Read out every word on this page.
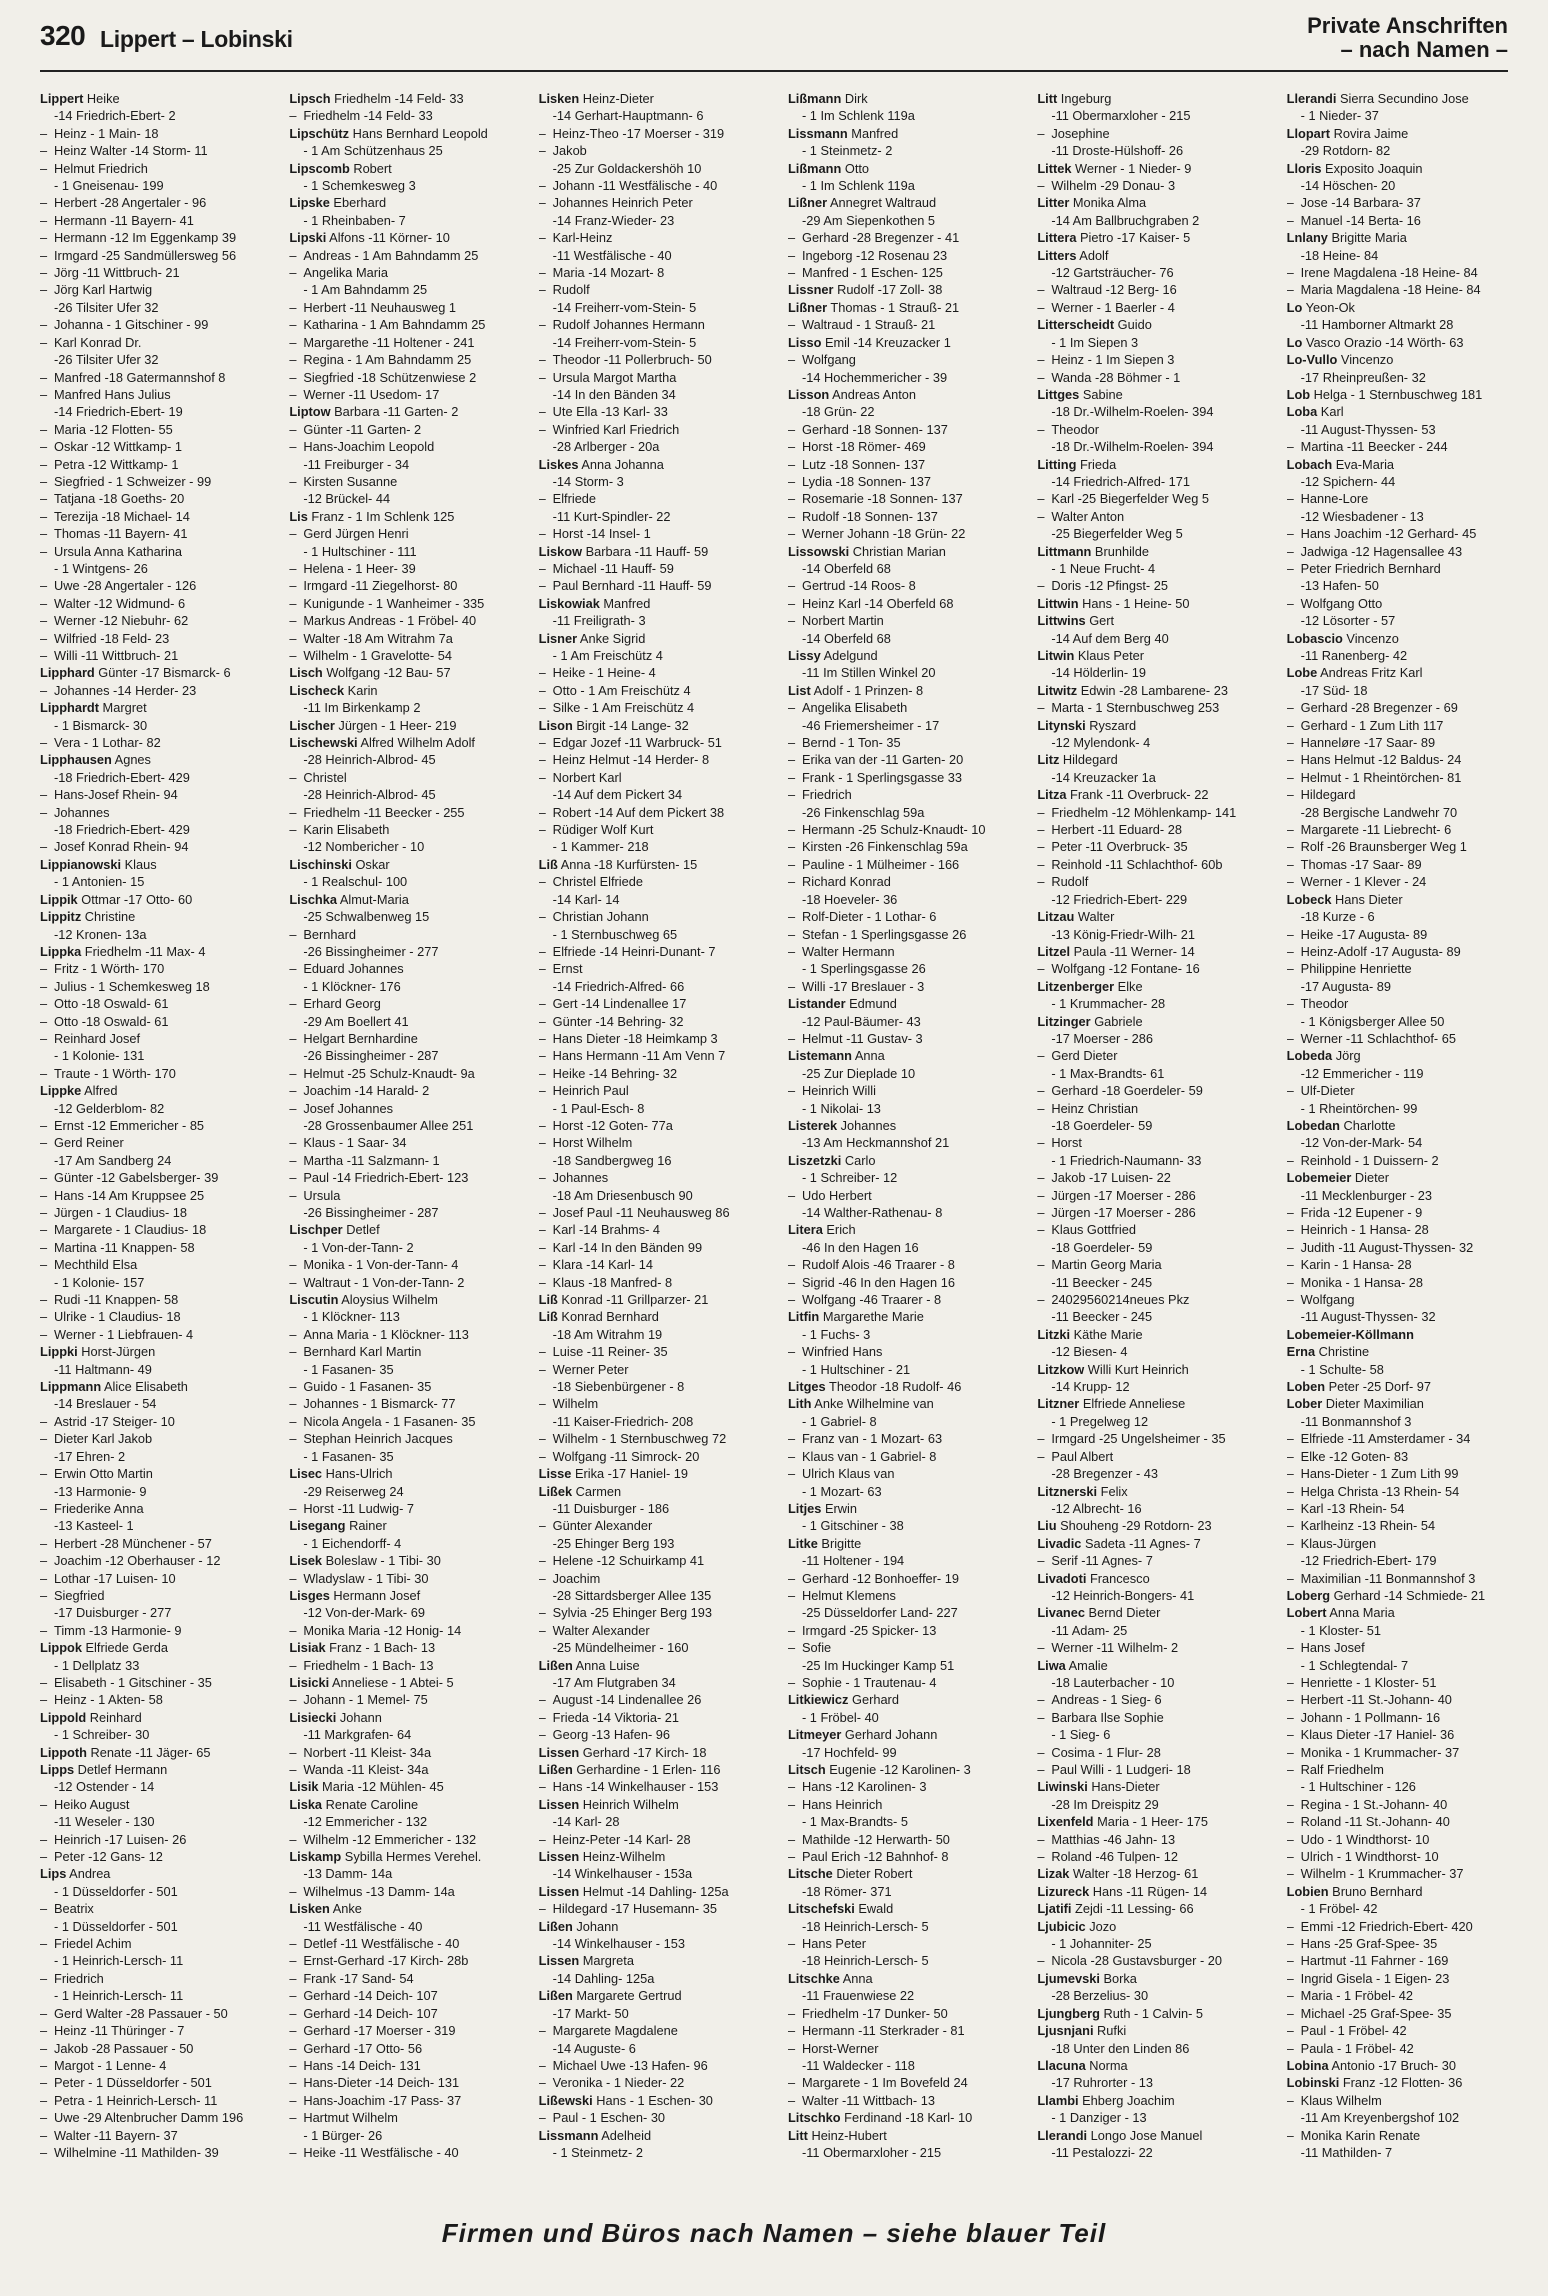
320 Lippert – Lobinski
Private Anschriften
– nach Namen –
Lippert Heike
-14 Friedrich-Ebert- 2
– Heinz - 1 Main- 18
– Heinz Walter -14 Storm- 11
– Helmut Friedrich
- 1 Gneisenau- 199
– Herbert -28 Angertaler - 96
– Hermann -11 Bayern- 41
– Hermann -12 Im Eggenkamp 39
– Irmgard -25 Sandmüllersweg 56
– Jörg -11 Wittbruch- 21
– Jörg Karl Hartwig
-26 Tilsiter Ufer 32
– Johanna - 1 Gitschiner - 99
– Karl Konrad Dr.
-26 Tilsiter Ufer 32
– Manfred -18 Gatermannshof 8
– Manfred Hans Julius
-14 Friedrich-Ebert- 19
– Maria -12 Flotten- 55
– Oskar -12 Wittkamp- 1
– Petra -12 Wittkamp- 1
– Siegfried - 1 Schweizer - 99
– Tatjana -18 Goeths- 20
– Terezija -18 Michael- 14
– Thomas -11 Bayern- 41
– Ursula Anna Katharina
- 1 Wintgens- 26
– Uwe -28 Angertaler - 126
– Walter -12 Widmund- 6
– Werner -12 Niebuhr- 62
– Wilfried -18 Feld- 23
– Willi -11 Wittbruch- 21
Lipphard Günter -17 Bismarck- 6
– Johannes -14 Herder- 23
Lipphardt Margret
- 1 Bismarck- 30
– Vera - 1 Lothar- 82
Lipphausen Agnes
-18 Friedrich-Ebert- 429
– Hans-Josef Rhein- 94
– Johannes
-18 Friedrich-Ebert- 429
– Josef Konrad Rhein- 94
Lippianowski Klaus
- 1 Antonien- 15
Lippik Ottmar -17 Otto- 60
Lippitz Christine
-12 Kronen- 13a
Lippka Friedhelm -11 Max- 4
– Fritz - 1 Wörth- 170
– Julius - 1 Schemkesweg 18
– Otto -18 Oswald- 61
– Otto -18 Oswald- 61
– Reinhard Josef
- 1 Kolonie- 131
– Traute - 1 Wörth- 170
Lippke Alfred
-12 Gelderblom- 82
– Ernst -12 Emmericher - 85
– Gerd Reiner
-17 Am Sandberg 24
– Günter -12 Gabelsberger- 39
– Hans -14 Am Kruppsee 25
– Jürgen - 1 Claudius- 18
– Margarete - 1 Claudius- 18
– Martina -11 Knappen- 58
– Mechthild Elsa
- 1 Kolonie- 157
– Rudi -11 Knappen- 58
– Ulrike - 1 Claudius- 18
– Werner - 1 Liebfrauen- 4
Lippki Horst-Jürgen
-11 Haltmann- 49
Lippmann Alice Elisabeth
-14 Breslauer - 54
– Astrid -17 Steiger- 10
– Dieter Karl Jakob
-17 Ehren- 2
– Erwin Otto Martin
-13 Harmonie- 9
– Friederike Anna
-13 Kasteel- 1
– Herbert -28 Münchener - 57
– Joachim -12 Oberhauser - 12
– Lothar -17 Luisen- 10
– Siegfried
-17 Duisburger - 277
– Timm -13 Harmonie- 9
Lippok Elfriede Gerda
- 1 Dellplatz 33
– Elisabeth - 1 Gitschiner - 35
– Heinz - 1 Akten- 58
Lippold Reinhard
- 1 Schreiber- 30
Lippoth Renate -11 Jäger- 65
Lipps Detlef Hermann
-12 Ostender - 14
– Heiko August
-11 Weseler - 130
– Heinrich -17 Luisen- 26
– Peter -12 Gans- 12
Lips Andrea
- 1 Düsseldorfer - 501
– Beatrix
- 1 Düsseldorfer - 501
– Friedel Achim
- 1 Heinrich-Lersch- 11
– Friedrich
- 1 Heinrich-Lersch- 11
– Gerd Walter -28 Passauer - 50
– Heinz -11 Thüringer - 7
– Jakob -28 Passauer - 50
– Margot - 1 Lenne- 4
– Peter - 1 Düsseldorfer - 501
– Petra - 1 Heinrich-Lersch- 11
– Uwe -29 Altenbrucher Damm 196
– Walter -11 Bayern- 37
– Wilhelmine -11 Mathilden- 39
Lipsch Friedhelm -14 Feld- 33
– Friedhelm -14 Feld- 33
Lipschütz Hans Bernhard Leopold
- 1 Am Schützenhaus 25
Lipscomb Robert
- 1 Schemkesweg 3
Lipske Eberhard
- 1 Rheinbaben- 7
Lipski Alfons -11 Körner- 10
– Andreas - 1 Am Bahndamm 25
– Angelika Maria
- 1 Am Bahndamm 25
– Herbert -11 Neuhausweg 1
– Katharina - 1 Am Bahndamm 25
– Margarethe -11 Holtener - 241
– Regina - 1 Am Bahndamm 25
– Siegfried -18 Schützenwiese 2
– Werner -11 Usedom- 17
Liptow Barbara -11 Garten- 2
– Günter -11 Garten- 2
– Hans-Joachim Leopold
-11 Freiburger - 34
– Kirsten Susanne
-12 Brückel- 44
Lis Franz - 1 Im Schlenk 125
– Gerd Jürgen Henri
- 1 Hultschiner - 111
– Helena - 1 Heer- 39
– Irmgard -11 Ziegelhorst- 80
– Kunigunde - 1 Wanheimer - 335
– Markus Andreas - 1 Fröbel- 40
– Walter -18 Am Witrahm 7a
– Wilhelm - 1 Gravelotte- 54
Lisch Wolfgang -12 Bau- 57
Lischeck Karin
-11 Im Birkenkamp 2
Lischer Jürgen - 1 Heer- 219
Lischewski Alfred Wilhelm Adolf
-28 Heinrich-Albrod- 45
– Christel
-28 Heinrich-Albrod- 45
– Friedhelm -11 Beecker - 255
– Karin Elisabeth
-12 Nombericher - 10
Lischinski Oskar
- 1 Realschul- 100
Lischka Almut-Maria
-25 Schwalbenweg 15
– Bernhard
-26 Bissingheimer - 277
– Eduard Johannes
- 1 Klöckner- 176
– Erhard Georg
-29 Am Boellert 41
– Helgart Bernhardine
-26 Bissingheimer - 287
– Helmut -25 Schulz-Knaudt- 9a
– Joachim -14 Harald- 2
– Josef Johannes
-28 Grossenbaumer Allee 251
– Klaus - 1 Saar- 34
– Martha -11 Salzmann- 1
– Paul -14 Friedrich-Ebert- 123
– Ursula
-26 Bissingheimer - 287
Lischper Detlef
- 1 Von-der-Tann- 2
– Monika - 1 Von-der-Tann- 4
– Waltraut - 1 Von-der-Tann- 2
Liscutin Aloysius Wilhelm
- 1 Klöckner- 113
– Anna Maria - 1 Klöckner- 113
– Bernhard Karl Martin
- 1 Fasanen- 35
– Guido - 1 Fasanen- 35
– Johannes - 1 Bismarck- 77
– Nicola Angela - 1 Fasanen- 35
– Stephan Heinrich Jacques
- 1 Fasanen- 35
Lisec Hans-Ulrich
-29 Reiserweg 24
– Horst -11 Ludwig- 7
Lisegang Rainer
- 1 Eichendorff- 4
Lisek Boleslaw - 1 Tibi- 30
– Wladyslaw - 1 Tibi- 30
Lisges Hermann Josef
-12 Von-der-Mark- 69
– Monika Maria -12 Honig- 14
Lisiak Franz - 1 Bach- 13
– Friedhelm - 1 Bach- 13
Lisicki Anneliese - 1 Abtei- 5
– Johann - 1 Memel- 75
Lisiecki Johann
-11 Markgrafen- 64
– Norbert -11 Kleist- 34a
– Wanda -11 Kleist- 34a
Lisik Maria -12 Mühlen- 45
Liska Renate Caroline
-12 Emmericher - 132
– Wilhelm -12 Emmericher - 132
Liskamp Sybilla Hermes Verehel.
-13 Damm- 14a
– Wilhelmus -13 Damm- 14a
Lisken Anke
-11 Westfälische - 40
– Detlef -11 Westfälische - 40
– Ernst-Gerhard -17 Kirch- 28b
– Frank -17 Sand- 54
– Gerhard -14 Deich- 107
– Gerhard -14 Deich- 107
– Gerhard -17 Moerser - 319
– Gerhard -17 Otto- 56
– Hans -14 Deich- 131
– Hans-Dieter -14 Deich- 131
– Hans-Joachim -17 Pass- 37
– Hartmut Wilhelm
- 1 Bürger- 26
– Heike -11 Westfälische - 40
Lisken Heinz-Dieter
-14 Gerhart-Hauptmann- 6
– Heinz-Theo -17 Moerser - 319
– Jakob
-25 Zur Goldackershöh 10
– Johann -11 Westfälische - 40
– Johannes Heinrich Peter
-14 Franz-Wieder- 23
– Karl-Heinz
-11 Westfälische - 40
– Maria -14 Mozart- 8
– Rudolf
-14 Freiherr-vom-Stein- 5
– Rudolf Johannes Hermann
-14 Freiherr-vom-Stein- 5
– Theodor -11 Pollerbruch- 50
– Ursula Margot Martha
-14 In den Bänden 34
– Ute Ella -13 Karl- 33
– Winfried Karl Friedrich
-28 Arlberger - 20a
Liskes Anna Johanna
-14 Storm- 3
– Elfriede
-11 Kurt-Spindler- 22
– Horst -14 Insel- 1
Liskow Barbara -11 Hauff- 59
– Michael -11 Hauff- 59
– Paul Bernhard -11 Hauff- 59
Liskowiak Manfred
-11 Freiligrath- 3
Lisner Anke Sigrid
- 1 Am Freischütz 4
– Heike - 1 Heine- 4
– Otto - 1 Am Freischütz 4
– Silke - 1 Am Freischütz 4
Lison Birgit -14 Lange- 32
– Edgar Jozef -11 Warbruck- 51
– Heinz Helmut -14 Herder- 8
– Norbert Karl
-14 Auf dem Pickert 34
– Robert -14 Auf dem Pickert 38
– Rüdiger Wolf Kurt
- 1 Kammer- 218
Liß Anna -18 Kurfürsten- 15
– Christel Elfriede
-14 Karl- 14
– Christian Johann
- 1 Sternbuschweg 65
– Elfriede -14 Heinri-Dunant- 7
– Ernst
-14 Friedrich-Alfred- 66
– Gert -14 Lindenallee 17
– Günter -14 Behring- 32
– Hans Dieter -18 Heimkamp 3
– Hans Hermann -11 Am Venn 7
– Heike -14 Behring- 32
– Heinrich Paul
- 1 Paul-Esch- 8
– Horst -12 Goten- 77a
– Horst Wilhelm
-18 Sandbergweg 16
– Johannes
-18 Am Driesenbusch 90
– Josef Paul -11 Neuhausweg 86
– Karl -14 Brahms- 4
– Karl -14 In den Bänden 99
– Klara -14 Karl- 14
– Klaus -18 Manfred- 8
Liß Konrad -11 Grillparzer- 21
Liß Konrad Bernhard
-18 Am Witrahm 19
– Luise -11 Reiner- 35
– Werner Peter
-18 Siebenbürgener - 8
– Wilhelm
-11 Kaiser-Friedrich- 208
– Wilhelm - 1 Sternbuschweg 72
– Wolfgang -11 Simrock- 20
Lisse Erika -17 Haniel- 19
Lißek Carmen
-11 Duisburger - 186
– Günter Alexander
-25 Ehinger Berg 193
– Helene -12 Schuirkamp 41
– Joachim
-28 Sittardsberger Allee 135
– Sylvia -25 Ehinger Berg 193
– Walter Alexander
-25 Mündelheimer - 160
Lißen Anna Luise
-17 Am Flutgraben 34
– August -14 Lindenallee 26
– Frieda -14 Viktoria- 21
– Georg -13 Hafen- 96
Lissen Gerhard -17 Kirch- 18
Lißen Gerhardine - 1 Erlen- 116
– Hans -14 Winkelhauser - 153
Lissen Heinrich Wilhelm
-14 Karl- 28
– Heinz-Peter -14 Karl- 28
Lissen Heinz-Wilhelm
-14 Winkelhauser - 153a
Lissen Helmut -14 Dahling- 125a
– Hildegard -17 Husemann- 35
Lißen Johann
-14 Winkelhauser - 153
Lissen Margreta
-14 Dahling- 125a
Lißen Margarete Gertrud
-17 Markt- 50
– Margarete Magdalene
-14 Auguste- 6
– Michael Uwe -13 Hafen- 96
– Veronika - 1 Nieder- 22
Lißewski Hans - 1 Eschen- 30
– Paul - 1 Eschen- 30
Lissmann Adelheid
- 1 Steinmetz- 2
Lißmann Dirk
- 1 Im Schlenk 119a
Lissmann Manfred
- 1 Steinmetz- 2
Lißmann Otto
- 1 Im Schlenk 119a
Lißner Annegret Waltraud
-29 Am Siepenkothen 5
– Gerhard -28 Bregenzer - 41
– Ingeborg -12 Rosenau 23
– Manfred - 1 Eschen- 125
Lissner Rudolf -17 Zoll- 38
Lißner Thomas - 1 Strauß- 21
– Waltraud - 1 Strauß- 21
Lisso Emil -14 Kreuzacker 1
– Wolfgang
-14 Hochemmericher - 39
Lisson Andreas Anton
-18 Grün- 22
– Gerhard -18 Sonnen- 137
– Horst -18 Römer- 469
– Lutz -18 Sonnen- 137
– Lydia -18 Sonnen- 137
– Rosemarie -18 Sonnen- 137
– Rudolf -18 Sonnen- 137
– Werner Johann -18 Grün- 22
Lissowski Christian Marian
-14 Oberfeld 68
– Gertrud -14 Roos- 8
– Heinz Karl -14 Oberfeld 68
– Norbert Martin
-14 Oberfeld 68
Lissy Adelgund
-11 Im Stillen Winkel 20
List Adolf - 1 Prinzen- 8
– Angelika Elisabeth
-46 Friemersheimer - 17
– Bernd - 1 Ton- 35
– Erika van der -11 Garten- 20
– Frank - 1 Sperlingsgasse 33
– Friedrich
-26 Finkenschlag 59a
– Hermann -25 Schulz-Knaudt- 10
– Kirsten -26 Finkenschlag 59a
– Pauline - 1 Mülheimer - 166
– Richard Konrad
-18 Hoeveler- 36
– Rolf-Dieter - 1 Lothar- 6
– Stefan - 1 Sperlingsgasse 26
– Walter Hermann
- 1 Sperlingsgasse 26
– Willi -17 Breslauer - 3
Listander Edmund
-12 Paul-Bäumer- 43
– Helmut -11 Gustav- 3
Listemann Anna
-25 Zur Dieplade 10
– Heinrich Willi
- 1 Nikolai- 13
Listerek Johannes
-13 Am Heckmannshof 21
Liszetzki Carlo
- 1 Schreiber- 12
– Udo Herbert
-14 Walther-Rathenau- 8
Litera Erich
-46 In den Hagen 16
– Rudolf Alois -46 Traarer - 8
– Sigrid -46 In den Hagen 16
– Wolfgang -46 Traarer - 8
Litfin Margarethe Marie
- 1 Fuchs- 3
– Winfried Hans
- 1 Hultschiner - 21
Litges Theodor -18 Rudolf- 46
Lith Anke Wilhelmine van
- 1 Gabriel- 8
– Franz van - 1 Mozart- 63
– Klaus van - 1 Gabriel- 8
– Ulrich Klaus van
- 1 Mozart- 63
Litjes Erwin
- 1 Gitschiner - 38
Litke Brigitte
-11 Holtener - 194
– Gerhard -12 Bonhoeffer- 19
– Helmut Klemens
-25 Düsseldorfer Land- 227
– Irmgard -25 Spicker- 13
– Sofie
-25 Im Huckinger Kamp 51
– Sophie - 1 Trautenau- 4
Litkiewicz Gerhard
- 1 Fröbel- 40
Litmeyer Gerhard Johann
-17 Hochfeld- 99
Litsch Eugenie -12 Karolinen- 3
– Hans -12 Karolinen- 3
– Hans Heinrich
- 1 Max-Brandts- 5
– Mathilde -12 Herwarth- 50
– Paul Erich -12 Bahnhof- 8
Litsche Dieter Robert
-18 Römer- 371
Litschefski Ewald
-18 Heinrich-Lersch- 5
– Hans Peter
-18 Heinrich-Lersch- 5
Litschke Anna
-11 Frauenwiese 22
– Friedhelm -17 Dunker- 50
– Hermann -11 Sterkrader - 81
– Horst-Werner
-11 Waldecker - 118
– Margarete - 1 Im Bovefeld 24
– Walter -11 Wittbach- 13
Litschko Ferdinand -18 Karl- 10
Litt Heinz-Hubert
-11 Obermarxloher - 215
Litt Ingeburg
-11 Obermarxloher - 215
– Josephine
-11 Droste-Hülshoff- 26
Littek Werner - 1 Nieder- 9
– Wilhelm -29 Donau- 3
Litter Monika Alma
-14 Am Ballbruchgraben 2
Littera Pietro -17 Kaiser- 5
Litters Adolf
-12 Gartsträucher- 76
– Waltraud -12 Berg- 16
– Werner - 1 Baerler - 4
Litterscheidt Guido
- 1 Im Siepen 3
– Heinz - 1 Im Siepen 3
– Wanda -28 Böhmer - 1
Littges Sabine
-18 Dr.-Wilhelm-Roelen- 394
– Theodor
-18 Dr.-Wilhelm-Roelen- 394
Litting Frieda
-14 Friedrich-Alfred- 171
– Karl -25 Biegerfelder Weg 5
– Walter Anton
-25 Biegerfelder Weg 5
Littmann Brunhilde
- 1 Neue Frucht- 4
– Doris -12 Pfingst- 25
Littwin Hans - 1 Heine- 50
Littwins Gert
-14 Auf dem Berg 40
Litwin Klaus Peter
-14 Hölderlin- 19
Litwitz Edwin -28 Lambarene- 23
– Marta - 1 Sternbuschweg 253
Litynski Ryszard
-12 Mylendonk- 4
Litz Hildegard
-14 Kreuzacker 1a
Litza Frank -11 Overbruck- 22
– Friedhelm -12 Möhlenkamp- 141
– Herbert -11 Eduard- 28
– Peter -11 Overbruck- 35
– Reinhold -11 Schlachthof- 60b
– Rudolf
-12 Friedrich-Ebert- 229
Litzau Walter
-13 König-Friedr-Wilh- 21
Litzel Paula -11 Werner- 14
– Wolfgang -12 Fontane- 16
Litzenberger Elke
- 1 Krummacher- 28
Litzinger Gabriele
-17 Moerser - 286
– Gerd Dieter
- 1 Max-Brandts- 61
– Gerhard -18 Goerdeler- 59
– Heinz Christian
-18 Goerdeler- 59
– Horst
- 1 Friedrich-Naumann- 33
– Jakob -17 Luisen- 22
– Jürgen -17 Moerser - 286
– Jürgen -17 Moerser - 286
– Klaus Gottfried
-18 Goerdeler- 59
– Martin Georg Maria
-11 Beecker - 245
– 24029560214neues Pkz
-11 Beecker - 245
Litzki Käthe Marie
-12 Biesen- 4
Litzkow Willi Kurt Heinrich
-14 Krupp- 12
Litzner Elfriede Anneliese
- 1 Pregelweg 12
– Irmgard -25 Ungelsheimer - 35
– Paul Albert
-28 Bregenzer - 43
Litznerski Felix
-12 Albrecht- 16
Liu Shouheng -29 Rotdorn- 23
Livadic Sadeta -11 Agnes- 7
– Serif -11 Agnes- 7
Livadoti Francesco
-12 Heinrich-Bongers- 41
Livanec Bernd Dieter
-11 Adam- 25
– Werner -11 Wilhelm- 2
Liwa Amalie
-18 Lauterbacher - 10
– Andreas - 1 Sieg- 6
– Barbara Ilse Sophie
- 1 Sieg- 6
– Cosima - 1 Flur- 28
– Paul Willi - 1 Ludgeri- 18
Liwinski Hans-Dieter
-28 Im Dreispitz 29
Lixenfeld Maria - 1 Heer- 175
– Matthias -46 Jahn- 13
– Roland -46 Tulpen- 12
Lizak Walter -18 Herzog- 61
Lizureck Hans -11 Rügen- 14
Ljatifi Zejdi -11 Lessing- 66
Ljubicic Jozo
- 1 Johanniter- 25
– Nicola -28 Gustavsburger - 20
Ljumevski Borka
-28 Berzelius- 30
Ljungberg Ruth - 1 Calvin- 5
Ljusnjani Rufki
-18 Unter den Linden 86
Llacuna Norma
-17 Ruhrorter - 13
Llambi Ehberg Joachim
- 1 Danziger - 13
Llerandi Longo Jose Manuel
-11 Pestalozzi- 22
Llerandi Sierra Secundino Jose
- 1 Nieder- 37
Llopart Rovira Jaime
-29 Rotdorn- 82
Lloris Exposito Joaquin
-14 Höschen- 20
– Jose -14 Barbara- 37
– Manuel -14 Berta- 16
Lnlany Brigitte Maria
-18 Heine- 84
– Irene Magdalena -18 Heine- 84
– Maria Magdalena -18 Heine- 84
Lo Yeon-Ok
-11 Hamborner Altmarkt 28
Lo Vasco Orazio -14 Wörth- 63
Lo-Vullo Vincenzo
-17 Rheinpreußen- 32
Lob Helga - 1 Sternbuschweg 181
Loba Karl
-11 August-Thyssen- 53
– Martina -11 Beecker - 244
Lobach Eva-Maria
-12 Spichern- 44
– Hanne-Lore
-12 Wiesbadener - 13
– Hans Joachim -12 Gerhard- 45
– Jadwiga -12 Hagensallee 43
– Peter Friedrich Bernhard
-13 Hafen- 50
– Wolfgang Otto
-12 Lösorter - 57
Lobascio Vincenzo
-11 Ranenberg- 42
Lobe Andreas Fritz Karl
-17 Süd- 18
– Gerhard -28 Bregenzer - 69
– Gerhard - 1 Zum Lith 117
– Hanneløre -17 Saar- 89
– Hans Helmut -12 Baldus- 24
– Helmut - 1 Rheintörchen- 81
– Hildegard
-28 Bergische Landwehr 70
– Margarete -11 Liebrecht- 6
– Rolf -26 Braunsberger Weg 1
– Thomas -17 Saar- 89
– Werner - 1 Klever - 24
Lobeck Hans Dieter
-18 Kurze - 6
– Heike -17 Augusta- 89
– Heinz-Adolf -17 Augusta- 89
– Philippine Henriette
-17 Augusta- 89
– Theodor
- 1 Königsberger Allee 50
– Werner -11 Schlachthof- 65
Lobeda Jörg
-12 Emmericher - 119
– Ulf-Dieter
- 1 Rheintörchen- 99
Lobedan Charlotte
-12 Von-der-Mark- 54
– Reinhold - 1 Duissern- 2
Lobemeier Dieter
-11 Mecklenburger - 23
– Frida -12 Eupener - 9
– Heinrich - 1 Hansa- 28
– Judith -11 August-Thyssen- 32
– Karin - 1 Hansa- 28
– Monika - 1 Hansa- 28
– Wolfgang
-11 August-Thyssen- 32
Lobemeier-Köllmann
Erna Christine
- 1 Schulte- 58
Loben Peter -25 Dorf- 97
Lober Dieter Maximilian
-11 Bonmannshof 3
– Elfriede -11 Amsterdamer - 34
– Elke -12 Goten- 83
– Hans-Dieter - 1 Zum Lith 99
– Helga Christa -13 Rhein- 54
– Karl -13 Rhein- 54
– Karlheinz -13 Rhein- 54
– Klaus-Jürgen
-12 Friedrich-Ebert- 179
– Maximilian -11 Bonmannshof 3
Loberg Gerhard -14 Schmiede- 21
Lobert Anna Maria
- 1 Kloster- 51
– Hans Josef
- 1 Schlegtendal- 7
– Henriette - 1 Kloster- 51
– Herbert -11 St.-Johann- 40
– Johann - 1 Pollmann- 16
– Klaus Dieter -17 Haniel- 36
– Monika - 1 Krummacher- 37
– Ralf Friedhelm
- 1 Hultschiner - 126
– Regina - 1 St.-Johann- 40
– Roland -11 St.-Johann- 40
– Udo - 1 Windthorst- 10
– Ulrich - 1 Windthorst- 10
– Wilhelm - 1 Krummacher- 37
Lobien Bruno Bernhard
- 1 Fröbel- 42
– Emmi -12 Friedrich-Ebert- 420
– Hans -25 Graf-Spee- 35
– Hartmut -11 Fahrner - 169
– Ingrid Gisela - 1 Eigen- 23
– Maria - 1 Fröbel- 42
– Michael -25 Graf-Spee- 35
– Paul - 1 Fröbel- 42
– Paula - 1 Fröbel- 42
Lobina Antonio -17 Bruch- 30
Lobinski Franz -12 Flotten- 36
– Klaus Wilhelm
-11 Am Kreyenbergshof 102
– Monika Karin Renate
-11 Mathilden- 7
Firmen und Büros nach Namen – siehe blauer Teil
